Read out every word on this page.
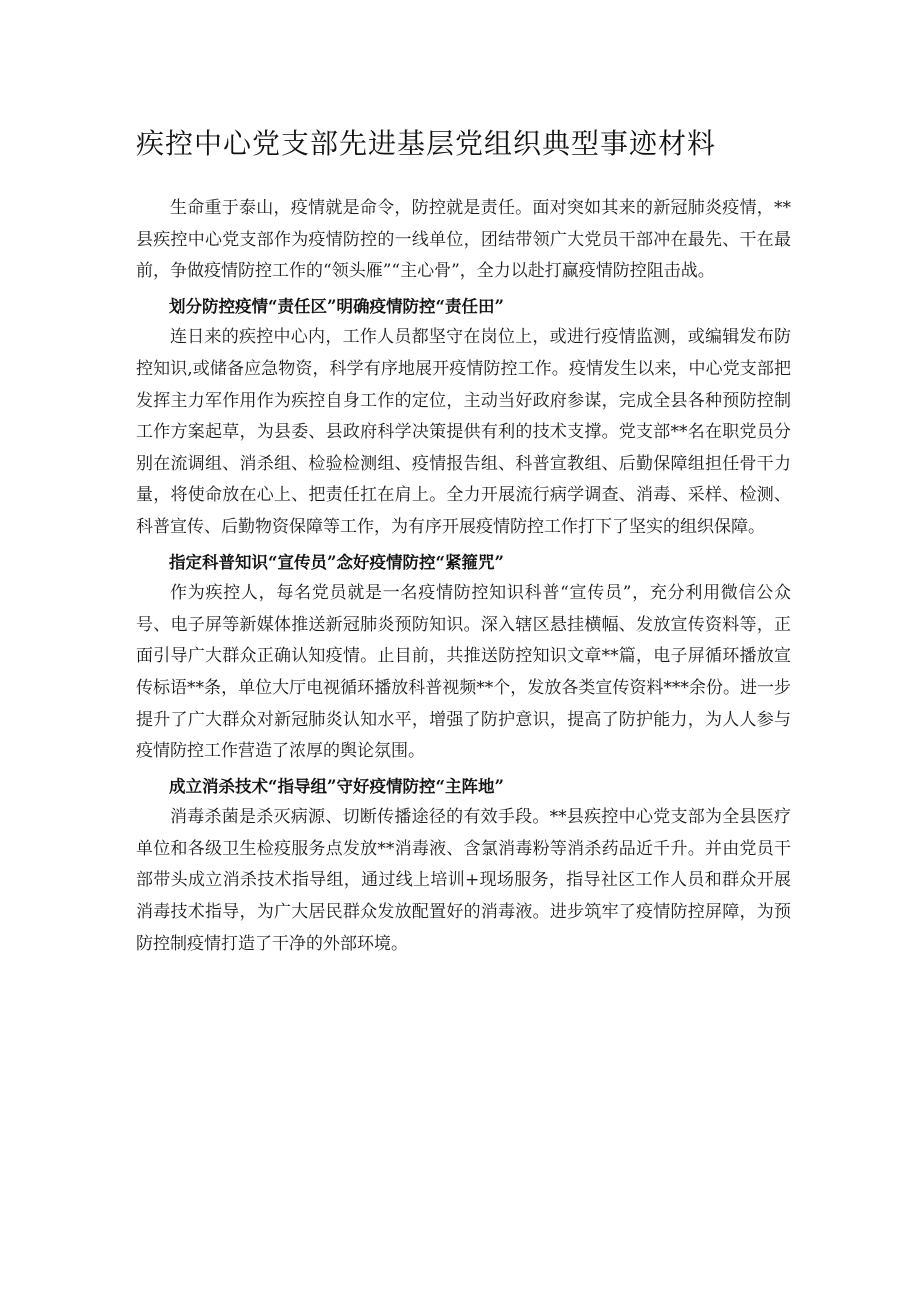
疾控中心党支部先进基层党组织典型事迹材料

生命重于泰山，疫情就是命令，防控就是责任。面对突如其来的新冠肺炎疫情，**县疾控中心党支部作为疫情防控的一线单位，团结带领广大党员干部冲在最先、干在最前，争做疫情防控工作的“领头雁”“主心骨”，全力以赴打赢疫情防控阻击战。

划分防控疫情“责任区”明确疫情防控“责任田”

连日来的疾控中心内，工作人员都坚守在岗位上，或进行疫情监测，或编辑发布防控知识,或储备应急物资，科学有序地展开疫情防控工作。疫情发生以来，中心党支部把发挥主力军作用作为疾控自身工作的定位，主动当好政府参谋，完成全县各种预防控制工作方案起草，为县委、县政府科学决策提供有利的技术支撑。党支部**名在职党员分别在流调组、消杀组、检验检测组、疫情报告组、科普宣教组、后勤保障组担任骨干力量，将使命放在心上、把责任扛在肩上。全力开展流行病学调查、消毒、采样、检测、科普宣传、后勤物资保障等工作，为有序开展疫情防控工作打下了坚实的组织保障。

指定科普知识“宣传员”念好疫情防控“紧箍咒”

作为疾控人，每名党员就是一名疫情防控知识科普“宣传员”，充分利用微信公众号、电子屏等新媒体推送新冠肺炎预防知识。深入辖区悬挂横幅、发放宣传资料等，正面引导广大群众正确认知疫情。止目前，共推送防控知识文章**篇，电子屏循环播放宣传标语**条，单位大厅电视循环播放科普视频**个，发放各类宣传资料***余份。进一步提升了广大群众对新冠肺炎认知水平，增强了防护意识，提高了防护能力，为人人参与疫情防控工作营造了浓厚的舆论氛围。

成立消杀技术“指导组”守好疫情防控“主阵地”

消毒杀菌是杀灭病源、切断传播途径的有效手段。**县疾控中心党支部为全县医疗单位和各级卫生检疫服务点发放**消毒液、含氯消毒粉等消杀药品近千升。并由党员干部带头成立消杀技术指导组，通过线上培训+现场服务，指导社区工作人员和群众开展消毒技术指导，为广大居民群众发放配置好的消毒液。进步筑牢了疫情防控屏障，为预防控制疫情打造了干净的外部环境。
